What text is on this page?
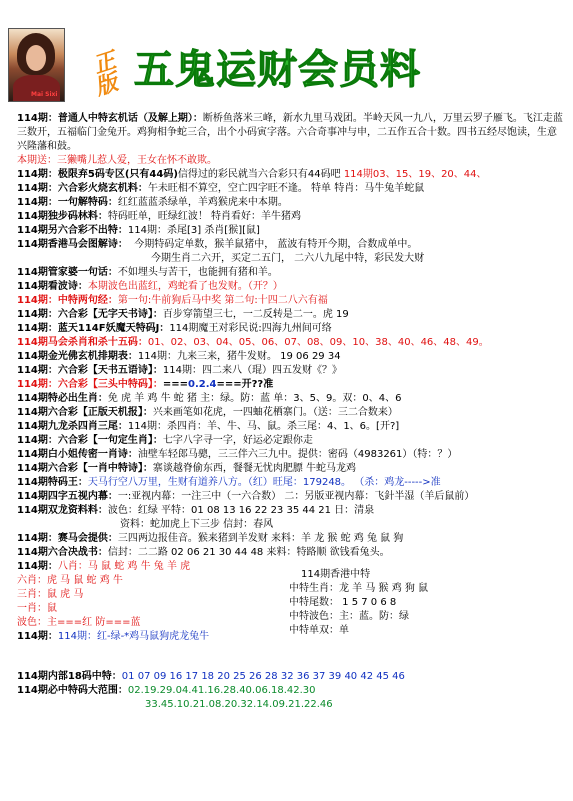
Mai Sixi
正
版 五鬼运财会员料
114期：普通人中特玄机话（及解上期）：断桥鱼落米三峰，新水九里马戏团。半岭天风一九八，万里云罗子雁飞。飞江走蓝三数开，五福临门金兔开。鸡狗相争蛇三合，出个小码寅字落。六合奇事冲与申，二五作五合十数。四书五经尽饱读，生意兴隆藩和鼓。
本期送：三獭嘴儿惹人爱，王女在怀不敢欺。
114期：极限弃5码专区(只有44码)信得过的彩民就当六合彩只有44码吧 114期03、15、19、20、44、
114期：六合彩火烧玄机料：午未旺相不算空，空亡四字旺不逢。 特单 特肖：马牛兔羊蛇鼠
114期：一句解特码：红红蓝蓝杀绿单，羊鸡猴虎来中本期。
114期独步码林料：特码旺单，旺绿红波！ 特肖看好：羊牛猪鸡
114期另六合彩不出特：114期：杀尾[3] 杀肖[猴][鼠]
114期香港马会图解诗： 今期特码定单数，猴羊鼠猪中， 蓝波有特开今期，合数成单中。
今期生肖二六开，买定二五门， 二六八九尾中特，彩民发大财
114期管家婆一句话：不如埋头与苦干，也能拥有猪和羊。
114期看波诗：本期波色出蓝红，鸡蛇看了也发财。（开？）
114期：中特两句经：第一句:牛前狗后马中奖 第二句:十四二八六有福
114期：六合彩【无字天书诗】：百步穿箭望三七，一二反转是二一。虎 19
114期：蓝天114F妖魔天特码J：114期魔王对彩民说:四海九州间可络
114期马会杀肖和杀十五码：01、02、03、04、05、06、07、08、09、10、38、40、46、48、49。
114期金光佛玄机排期表：114期：九来三来，猪牛发财。 19 06 29 34
114期：六合彩【天书五语诗】：114期：四二来八（琨）四五发财《？》
114期：六合彩【三头中特码】：===0.2.4===开??准
114期特必出生肖：免 虎 羊 鸡 牛 蛇 猪 主：绿。防：蓝 单：3、5、9。双：0、4、6
114期六合彩【正版天机报】：兴来画笔如花虎，一四蚰花栖寨门。（送：三二合数来）
114期九龙杀四肖三尾：114期：杀四肖：羊、牛、马、鼠。杀三尾：4、1、6。[开?]
114期：六合彩【一句定生肖】：七字八字寻一字，好运必定跟你走
114期白小姐传密一肖诗：油壁车轻郎马骢，三三伴六三九中。提供：密码（4983261）（特：？）
114期六合彩【一肖中特诗】：寨谈越脊偷东西，餐餐无忧肉肥膘 牛蛇马龙鸡
114期特码王：天马行空八万里，生财有道养八方。（红）旺尾：179248。 （杀：鸡龙----->准
114期四字五视内幕：一:亚视内幕：一注三中（一六合数） 二：另版亚视内幕：飞針半湿（羊后鼠前）
114期双龙资料料：波色：红绿 平特：01 08 13 16 22 23 35 44 21 日：清泉
资料：蛇加虎上下三步 信封：春风
114期：赛马会提供：三四两边报佳音。猴来猪到羊发财 来料：羊 龙 猴 蛇 鸡 兔 鼠 狗
114期六合决战书：信封：二二路 02 06 21 30 44 48 来料：特路顺 欲钱看兔头。
114期：八肖：马 鼠 蛇 鸡 牛 兔 羊 虎
六肖：虎 马 鼠 蛇 鸡 牛
三肖：鼠 虎 马
一肖：鼠
波色：主===红 防===蓝
114期：114期：红-绿-*鸡马鼠狗虎龙兔牛
114期香港中特
中特生肖：龙 羊 马 猴 鸡 狗 鼠
中特尾数： 1 5 7 0 6 8
中特波色：主：蓝。防：绿
中特单双：单
114期内部18码中特：01 07 09 16 17 18 20 25 26 28 32 36 37 39 40 42 45 46
114期必中特码大范围：02.19.29.04.41.16.28.40.06.18.42.30
33.45.10.21.08.20.32.14.09.21.22.46
